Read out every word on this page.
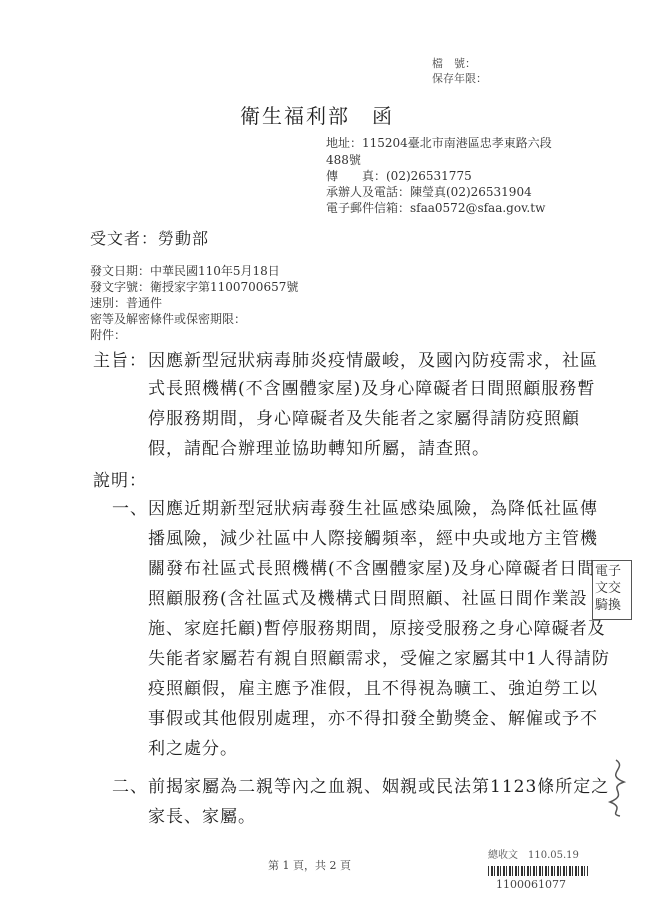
檔　號：
保存年限：
衛生福利部　函
地址：115204臺北市南港區忠孝東路六段
488號
傳　　真：(02)26531775
承辦人及電話：陳瑩真(02)26531904
電子郵件信箱：sfaa0572@sfaa.gov.tw
受文者：勞動部
發文日期：中華民國110年5月18日
發文字號：衛授家字第1100700657號
速別：普通件
密等及解密條件或保密期限：
附件：
主旨： 因應新型冠狀病毒肺炎疫情嚴峻，及國內防疫需求，社區
式長照機構(不含團體家屋)及身心障礙者日間照顧服務暫
停服務期間，身心障礙者及失能者之家屬得請防疫照顧
假，請配合辦理並協助轉知所屬，請查照。
說明：
一、 因應近期新型冠狀病毒發生社區感染風險，為降低社區傳
播風險，減少社區中人際接觸頻率，經中央或地方主管機
關發布社區式長照機構(不含團體家屋)及身心障礙者日間
照顧服務(含社區式及機構式日間照顧、社區日間作業設
施、家庭托顧)暫停服務期間，原接受服務之身心障礙者及
失能者家屬若有親自照顧需求，受僱之家屬其中1人得請防
疫照顧假，雇主應予准假，且不得視為曠工、強迫勞工以
事假或其他假別處理，亦不得扣發全勤獎金、解僱或予不
利之處分。
二、 前揭家屬為二親等內之血親、姻親或民法第1123條所定之
家長、家屬。
電子
文交
騎換
總收文　110.05.19
1100061077
第 1 頁，共 2 頁
